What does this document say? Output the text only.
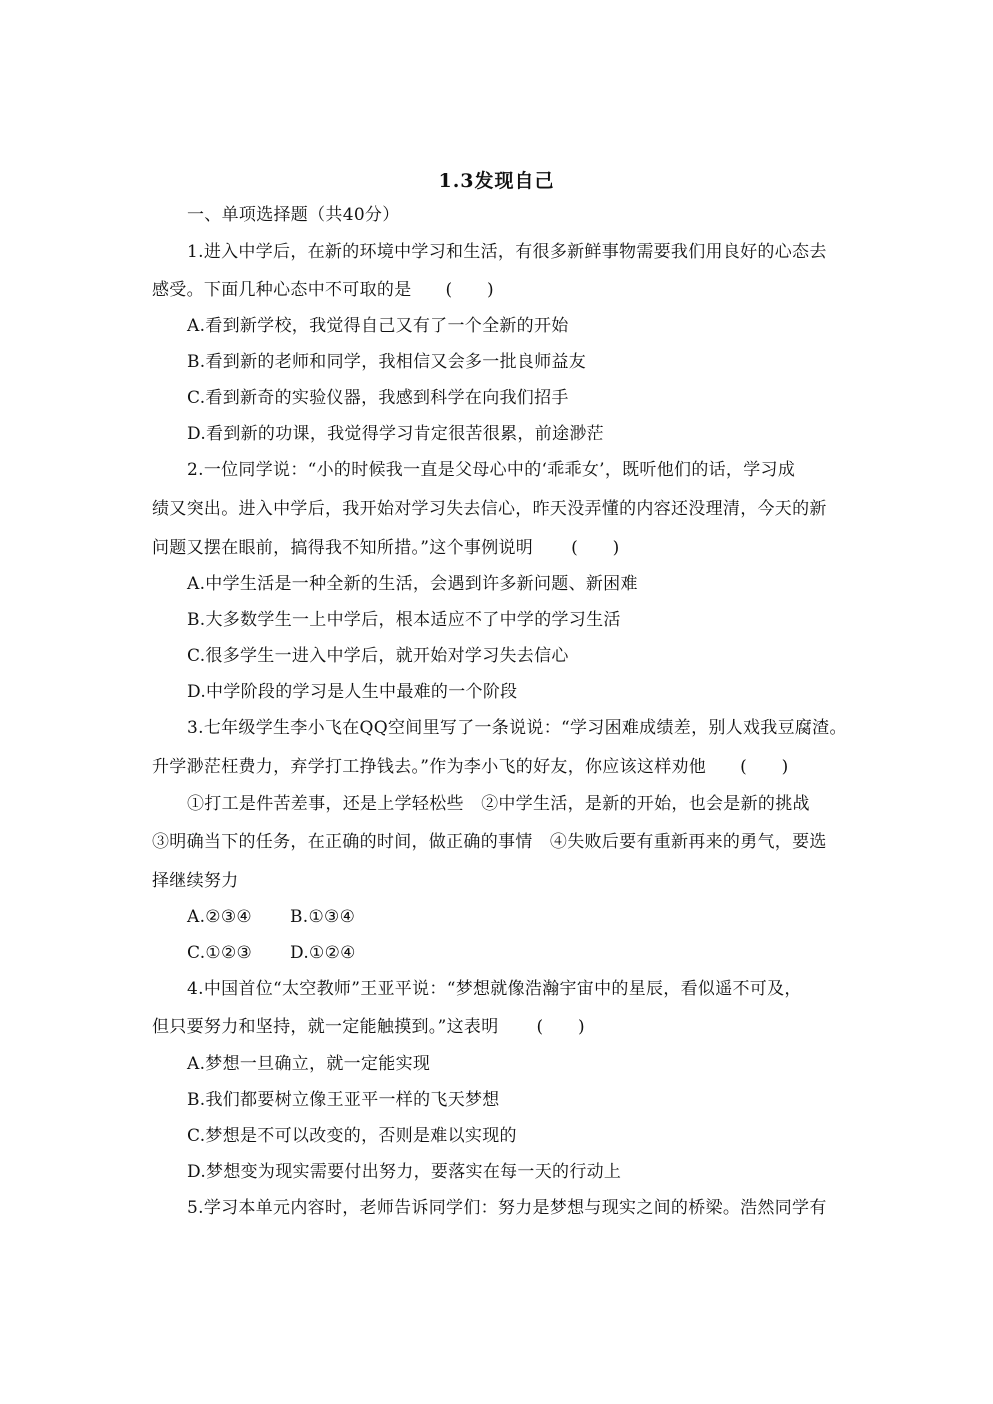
1.3发现自己
一、单项选择题（共40分）
1.进入中学后，在新的环境中学习和生活，有很多新鲜事物需要我们用良好的心态去
感受。下面几种心态中不可取的是 (　　)
A.看到新学校，我觉得自己又有了一个全新的开始
B.看到新的老师和同学，我相信又会多一批良师益友
C.看到新奇的实验仪器，我感到科学在向我们招手
D.看到新的功课，我觉得学习肯定很苦很累，前途渺茫
2.一位同学说：“小的时候我一直是父母心中的‘乖乖女’，既听他们的话，学习成
绩又突出。进入中学后，我开始对学习失去信心，昨天没弄懂的内容还没理清，今天的新
问题又摆在眼前，搞得我不知所措。”这个事例说明 (　　)
A.中学生活是一种全新的生活，会遇到许多新问题、新困难
B.大多数学生一上中学后，根本适应不了中学的学习生活
C.很多学生一进入中学后，就开始对学习失去信心
D.中学阶段的学习是人生中最难的一个阶段
3.七年级学生李小飞在QQ空间里写了一条说说：“学习困难成绩差，别人戏我豆腐渣。
升学渺茫枉费力，弃学打工挣钱去。”作为李小飞的好友，你应该这样劝他 (　　)
①打工是件苦差事，还是上学轻松些　②中学生活，是新的开始，也会是新的挑战
③明确当下的任务，在正确的时间，做正确的事情　④失败后要有重新再来的勇气，要选
择继续努力
A.②③④ B.①③④
C.①②③ D.①②④
4.中国首位“太空教师”王亚平说：“梦想就像浩瀚宇宙中的星辰，看似遥不可及，
但只要努力和坚持，就一定能触摸到。”这表明 (　　)
A.梦想一旦确立，就一定能实现
B.我们都要树立像王亚平一样的飞天梦想
C.梦想是不可以改变的，否则是难以实现的
D.梦想变为现实需要付出努力，要落实在每一天的行动上
5.学习本单元内容时，老师告诉同学们：努力是梦想与现实之间的桥梁。浩然同学有
